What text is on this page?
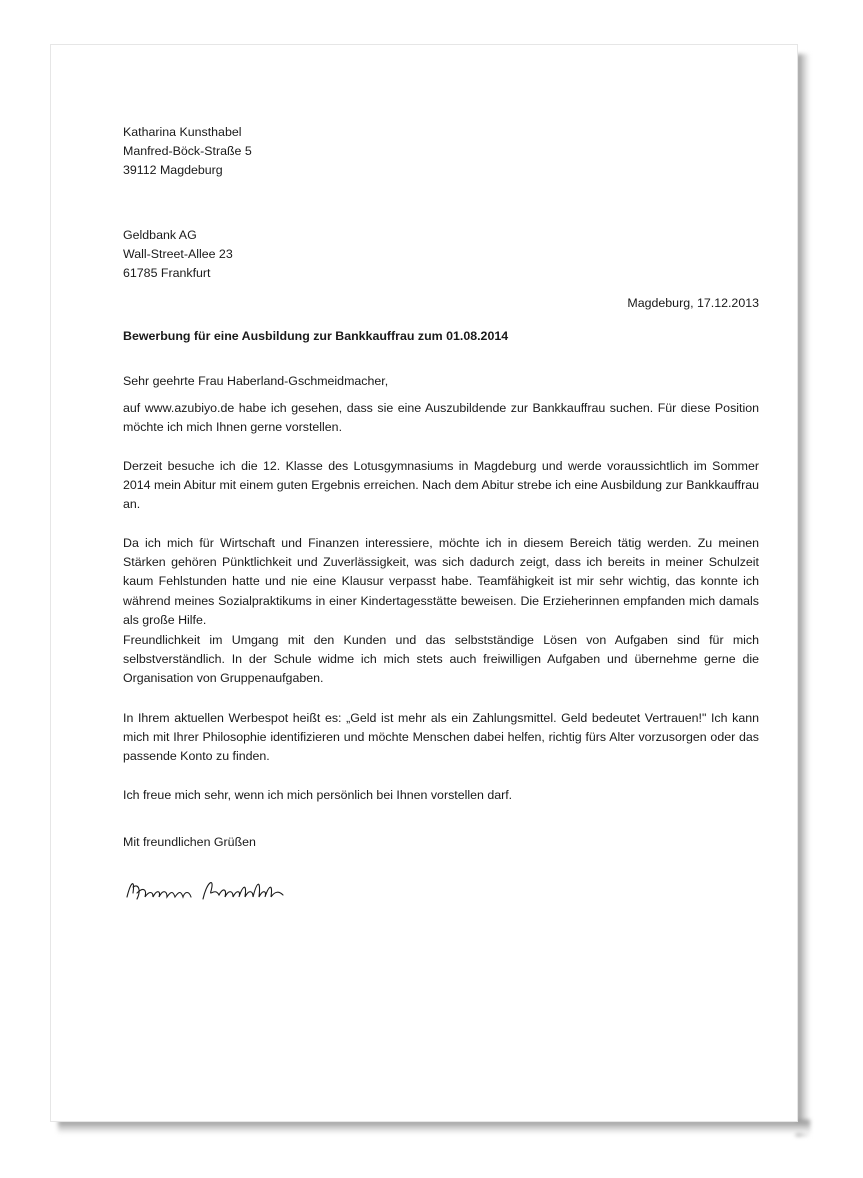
Katharina Kunsthabel
Manfred-Böck-Straße 5
39112 Magdeburg
Geldbank AG
Wall-Street-Allee 23
61785 Frankfurt
Magdeburg, 17.12.2013
Bewerbung für eine Ausbildung zur Bankkauffrau zum 01.08.2014
Sehr geehrte Frau Haberland-Gschmeidmacher,

auf www.azubiyo.de habe ich gesehen, dass sie eine Auszubildende zur Bankkauffrau suchen. Für diese Position möchte ich mich Ihnen gerne vorstellen.

Derzeit besuche ich die 12. Klasse des Lotusgymnasiums in Magdeburg und werde voraussichtlich im Sommer 2014 mein Abitur mit einem guten Ergebnis erreichen. Nach dem Abitur strebe ich eine Ausbildung zur Bankkauffrau an.

Da ich mich für Wirtschaft und Finanzen interessiere, möchte ich in diesem Bereich tätig werden. Zu meinen Stärken gehören Pünktlichkeit und Zuverlässigkeit, was sich dadurch zeigt, dass ich bereits in meiner Schulzeit kaum Fehlstunden hatte und nie eine Klausur verpasst habe. Teamfähigkeit ist mir sehr wichtig, das konnte ich während meines Sozialpraktikums in einer Kindertagesstätte beweisen. Die Erzieherinnen empfanden mich damals als große Hilfe.

Freundlichkeit im Umgang mit den Kunden und das selbstständige Lösen von Aufgaben sind für mich selbstverständlich. In der Schule widme ich mich stets auch freiwilligen Aufgaben und übernehme gerne die Organisation von Gruppenaufgaben.

In Ihrem aktuellen Werbespot heißt es: „Geld ist mehr als ein Zahlungsmittel. Geld bedeutet Vertrauen!" Ich kann mich mit Ihrer Philosophie identifizieren und möchte Menschen dabei helfen, richtig fürs Alter vorzusorgen oder das passende Konto zu finden.

Ich freue mich sehr, wenn ich mich persönlich bei Ihnen vorstellen darf.

Mit freundlichen Grüßen
